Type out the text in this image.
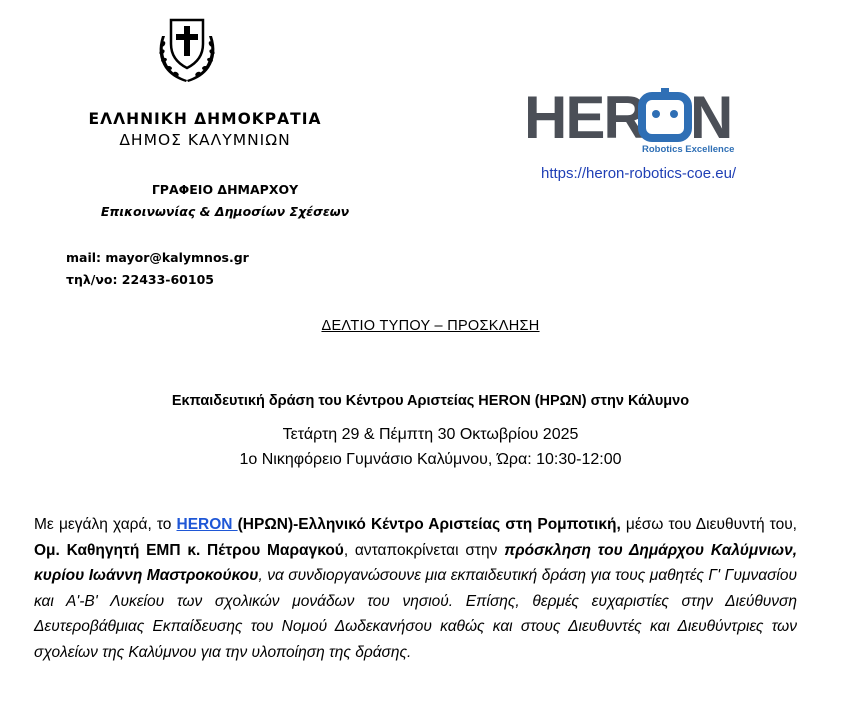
ΕΛΛΗΝΙΚΗ ΔΗΜΟΚΡΑΤΙΑ
ΔΗΜΟΣ ΚΑΛΥΜΝΙΩΝ
ΓΡΑΦΕΙΟ ΔΗΜΑΡΧΟΥ
Επικοινωνίας & Δημοσίων Σχέσεων
mail: mayor@kalymnos.gr
τηλ/νο: 22433-60105
HER N
Robotics Excellence
https://heron-robotics-coe.eu/
ΔΕΛΤΙΟ ΤΥΠΟΥ – ΠΡΟΣΚΛΗΣΗ
Εκπαιδευτική δράση του Κέντρου Αριστείας HERON (ΗΡΩΝ) στην Κάλυμνο
Τετάρτη 29 & Πέμπτη 30 Οκτωβρίου 2025
1ο Νικηφόρειο Γυμνάσιο Καλύμνου, Ώρα: 10:30-12:00

Με μεγάλη χαρά, το HERON (ΗΡΩΝ)-Ελληνικό Κέντρο Αριστείας στη Ρομποτική, μέσω του Διευθυντή του, Ομ. Καθηγητή ΕΜΠ κ. Πέτρου Μαραγκού, ανταποκρίνεται στην πρόσκληση του Δημάρχου Καλύμνιων, κυρίου Ιωάννη Μαστροκούκου, να συνδιοργανώσουνε μια εκπαιδευτική δράση για τους μαθητές Γ' Γυμνασίου και Α'-Β' Λυκείου των σχολικών μονάδων του νησιού. Επίσης, θερμές ευχαριστίες στην Διεύθυνση Δευτεροβάθμιας Εκπαίδευσης του Νομού Δωδεκανήσου καθώς και στους Διευθυντές και Διευθύντριες των σχολείων της Καλύμνου για την υλοποίηση της δράσης.
